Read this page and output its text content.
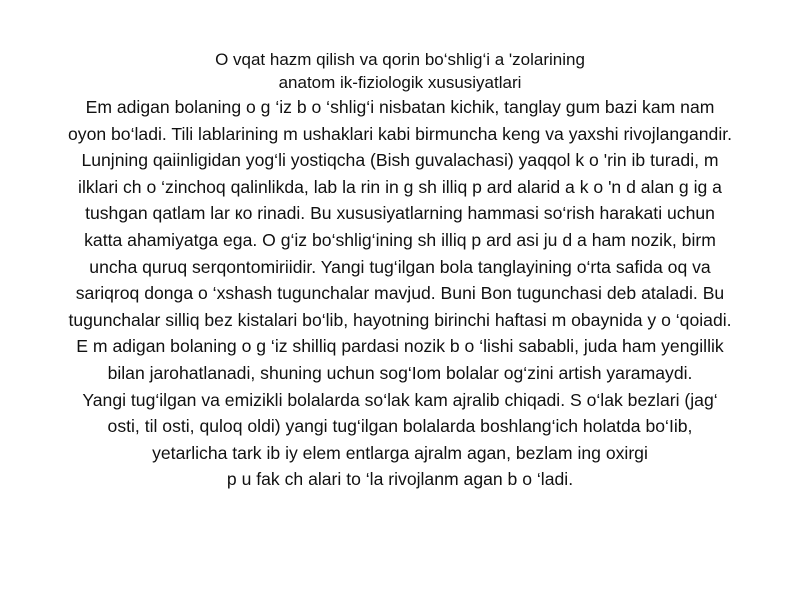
O vqat hazm qilish va qorin bo‘shlig‘i a 'zolarining
anatom ik-fiziologik xususiyatlari
Em adigan bolaning o g ‘iz b o ‘shlig‘i nisbatan kichik, tanglay gum bazi kam nam
oyon bo‘ladi. Tili lablarining m ushaklari kabi birmuncha keng va yaxshi rivojlangandir.
Lunjning qaiinligidan yog‘li yostiqcha (Bish guvalachasi) yaqqol k o 'rin ib turadi, m
ilklari ch o ‘zinchoq qalinlikda, lab la rin in g sh illiq p ard alarid a k o 'n d alan g ig a
tushgan qatlam lar ко rinadi. Bu xususiyatlarning hammasi so‘rish harakati uchun
katta ahamiyatga ega. O g‘iz bo‘shlig‘ining sh illiq p ard asi ju d a ham nozik, birm
uncha quruq serqontomiriidir. Yangi tug‘ilgan bola tanglayining o‘rta safida oq va
sariqroq donga o ‘xshash tugunchalar mavjud. Buni Bon tugunchasi deb ataladi. Bu
tugunchalar silliq bez kistalari bo‘lib, hayotning birinchi haftasi m obaynida y o ‘qoiadi.
E m adigan bolaning o g ‘iz shilliq pardasi nozik b o ‘lishi sababli, juda ham yengillik
bilan jarohatlanadi, shuning uchun sog‘Iom bolalar og‘zini artish yaramaydi.
Yangi tug‘ilgan va emizikli bolalarda so‘lak kam ajralib chiqadi. S o‘lak bezlari (jag‘
osti, til osti, quloq oldi) yangi tug‘ilgan bolalarda boshlang‘ich holatda bo‘Iib,
yetarlicha tark ib iy elem entlarga ajralm agan, bezlam ing oxirgi
p u fak ch alari to ‘la rivojlanm agan b o ‘ladi.
